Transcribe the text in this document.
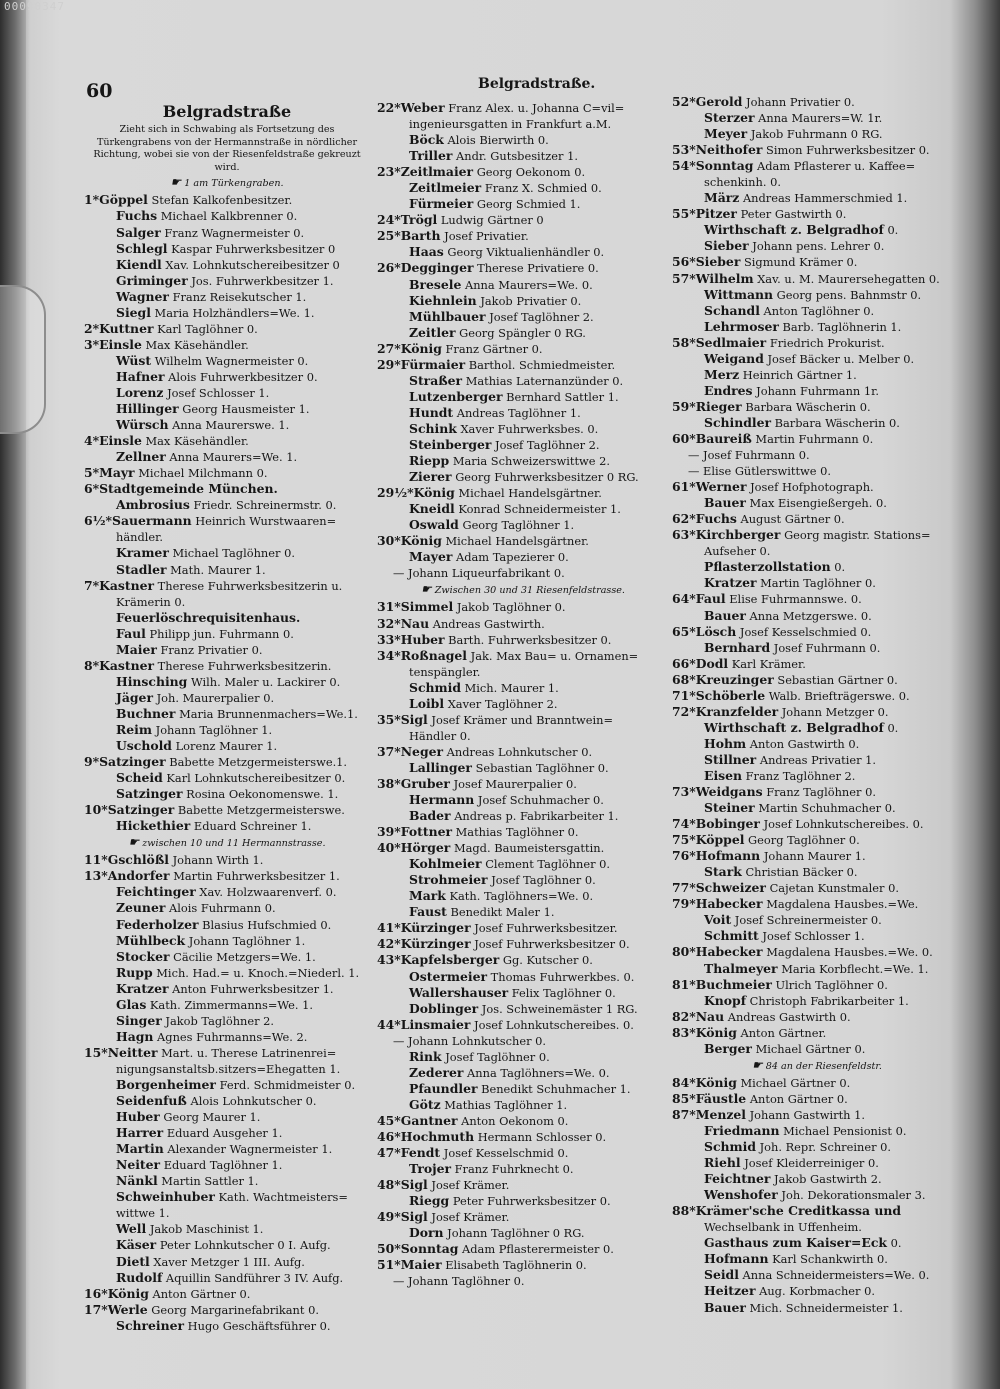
00090347
60	Belgradstraße.
Belgradstraße
Zieht sich in Schwabing als Fortsetzung des Türkengrabens von der Hermannstraße in nördlicher Richtung, wobei sie von der Riesenfeldstraße gekreuzt wird.
☛ 1 am Türkengraben.
1*Göppel Stefan Kalkofenbesitzer.
Fuchs Michael Kalkbrenner 0.
Salger Franz Wagnermeister 0.
Schlegl Kaspar Fuhrwerksbesitzer 0
Kiendl Xav. Lohnkutschereibesitzer 0
Griminger Jos. Fuhrwerkbesitzer 1.
Wagner Franz Reisekutscher 1.
Siegl Maria Holzhändlers=We. 1.
2*Kuttner Karl Taglöhner 0.
3*Einsle Max Käsehändler.
Wüst Wilhelm Wagnermeister 0.
Hafner Alois Fuhrwerkbesitzer 0.
Lorenz Josef Schlosser 1.
Hillinger Georg Hausmeister 1.
Würsch Anna Maurerswe. 1.
4*Einsle Max Käsehändler.
Zellner Anna Maurers=We. 1.
5*Mayr Michael Milchmann 0.
6*Stadtgemeinde München.
Ambrosius Friedr. Schreinermstr. 0.
6½*Sauermann Heinrich Wurstwaaren=
händler.
Kramer Michael Taglöhner 0.
Stadler Math. Maurer 1.
7*Kastner Therese Fuhrwerksbesitzerin u.
Krämerin 0.
Feuerlöschrequisitenhaus.
Faul Philipp jun. Fuhrmann 0.
Maier Franz Privatier 0.
8*Kastner Therese Fuhrwerksbesitzerin.
Hinsching Wilh. Maler u. Lackirer 0.
Jäger Joh. Maurerpalier 0.
Buchner Maria Brunnenmachers=We.1.
Reim Johann Taglöhner 1.
Uschold Lorenz Maurer 1.
9*Satzinger Babette Metzgermeisterswe.1.
Scheid Karl Lohnkutschereibesitzer 0.
Satzinger Rosina Oekonomenswe. 1.
10*Satzinger Babette Metzgermeisterswe.
Hickethier Eduard Schreiner 1.
☛ zwischen 10 und 11 Hermannstrasse.
11*Gschlößl Johann Wirth 1.
13*Andorfer Martin Fuhrwerksbesitzer 1.
Feichtinger Xav. Holzwaarenverf. 0.
Zeuner Alois Fuhrmann 0.
Federholzer Blasius Hufschmied 0.
Mühlbeck Johann Taglöhner 1.
Stocker Cäcilie Metzgers=We. 1.
Rupp Mich. Had.= u. Knoch.=Niederl. 1.
Kratzer Anton Fuhrwerksbesitzer 1.
Glas Kath. Zimmermanns=We. 1.
Singer Jakob Taglöhner 2.
Hagn Agnes Fuhrmanns=We. 2.
15*Neitter Mart. u. Therese Latrinenrei=
nigungsanstaltsb.sitzers=Ehegatten 1.
Borgenheimer Ferd. Schmidmeister 0.
Seidenfuß Alois Lohnkutscher 0.
Huber Georg Maurer 1.
Harrer Eduard Ausgeher 1.
Martin Alexander Wagnermeister 1.
Neiter Eduard Taglöhner 1.
Nänkl Martin Sattler 1.
Schweinhuber Kath. Wachtmeisters=
wittwe 1.
Well Jakob Maschinist 1.
Käser Peter Lohnkutscher 0 I. Aufg.
Dietl Xaver Metzger 1 III. Aufg.
Rudolf Aquillin Sandführer 3 IV. Aufg.
16*König Anton Gärtner 0.
17*Werle Georg Margarinefabrikant 0.
Schreiner Hugo Geschäftsführer 0.
22*Weber Franz Alex. u. Johanna C=vil=
ingenieursgatten in Frankfurt a.M.
Böck Alois Bierwirth 0.
Triller Andr. Gutsbesitzer 1.
23*Zeitlmaier Georg Oekonom 0.
Zeitlmeier Franz X. Schmied 0.
Fürmeier Georg Schmied 1.
24*Trögl Ludwig Gärtner 0
25*Barth Josef Privatier.
Haas Georg Viktualienhändler 0.
26*Degginger Therese Privatiere 0.
Bresele Anna Maurers=We. 0.
Kiehnlein Jakob Privatier 0.
Mühlbauer Josef Taglöhner 2.
Zeitler Georg Spängler 0 RG.
27*König Franz Gärtner 0.
29*Fürmaier Barthol. Schmiedmeister.
Straßer Mathias Laternanzünder 0.
Lutzenberger Bernhard Sattler 1.
Hundt Andreas Taglöhner 1.
Schink Xaver Fuhrwerksbes. 0.
Steinberger Josef Taglöhner 2.
Riepp Maria Schweizerswittwe 2.
Zierer Georg Fuhrwerksbesitzer 0 RG.
29½*König Michael Handelsgärtner.
Kneidl Konrad Schneidermeister 1.
Oswald Georg Taglöhner 1.
30*König Michael Handelsgärtner.
Mayer Adam Tapezierer 0.
— Johann Liqueurfabrikant 0.
☛ Zwischen 30 und 31 Riesenfeldstrasse.
31*Simmel Jakob Taglöhner 0.
32*Nau Andreas Gastwirth.
33*Huber Barth. Fuhrwerksbesitzer 0.
34*Roßnagel Jak. Max Bau= u. Ornamen=
tenspängler.
Schmid Mich. Maurer 1.
Loibl Xaver Taglöhner 2.
35*Sigl Josef Krämer und Branntwein=
Händler 0.
37*Neger Andreas Lohnkutscher 0.
Lallinger Sebastian Taglöhner 0.
38*Gruber Josef Maurerpalier 0.
Hermann Josef Schuhmacher 0.
Bader Andreas p. Fabrikarbeiter 1.
39*Fottner Mathias Taglöhner 0.
40*Hörger Magd. Baumeistersgattin.
Kohlmeier Clement Taglöhner 0.
Strohmeier Josef Taglöhner 0.
Mark Kath. Taglöhners=We. 0.
Faust Benedikt Maler 1.
41*Kürzinger Josef Fuhrwerksbesitzer.
42*Kürzinger Josef Fuhrwerksbesitzer 0.
43*Kapfelsberger Gg. Kutscher 0.
Ostermeier Thomas Fuhrwerkbes. 0.
Wallershauser Felix Taglöhner 0.
Doblinger Jos. Schweinemäster 1 RG.
44*Linsmaier Josef Lohnkutschereibes. 0.
— Johann Lohnkutscher 0.
Rink Josef Taglöhner 0.
Zederer Anna Taglöhners=We. 0.
Pfaundler Benedikt Schuhmacher 1.
Götz Mathias Taglöhner 1.
45*Gantner Anton Oekonom 0.
46*Hochmuth Hermann Schlosser 0.
47*Fendt Josef Kesselschmid 0.
Trojer Franz Fuhrknecht 0.
48*Sigl Josef Krämer.
Riegg Peter Fuhrwerksbesitzer 0.
49*Sigl Josef Krämer.
Dorn Johann Taglöhner 0 RG.
50*Sonntag Adam Pflasterermeister 0.
51*Maier Elisabeth Taglöhnerin 0.
— Johann Taglöhner 0.
52*Gerold Johann Privatier 0.
Sterzer Anna Maurers=W. 1r.
Meyer Jakob Fuhrmann 0 RG.
53*Neithofer Simon Fuhrwerksbesitzer 0.
54*Sonntag Adam Pflasterer u. Kaffee=
schenkinh. 0.
März Andreas Hammerschmied 1.
55*Pitzer Peter Gastwirth 0.
Wirthschaft z. Belgradhof 0.
Sieber Johann pens. Lehrer 0.
56*Sieber Sigmund Krämer 0.
57*Wilhelm Xav. u. M. Maurersehegatten 0.
Wittmann Georg pens. Bahnmstr 0.
Schandl Anton Taglöhner 0.
Lehrmoser Barb. Taglöhnerin 1.
58*Sedlmaier Friedrich Prokurist.
Weigand Josef Bäcker u. Melber 0.
Merz Heinrich Gärtner 1.
Endres Johann Fuhrmann 1r.
59*Rieger Barbara Wäscherin 0.
Schindler Barbara Wäscherin 0.
60*Baureiß Martin Fuhrmann 0.
— Josef Fuhrmann 0.
— Elise Gütlerswittwe 0.
61*Werner Josef Hofphotograph.
Bauer Max Eisengießergeh. 0.
62*Fuchs August Gärtner 0.
63*Kirchberger Georg magistr. Stations=
Aufseher 0.
Pflasterzollstation 0.
Kratzer Martin Taglöhner 0.
64*Faul Elise Fuhrmannswe. 0.
Bauer Anna Metzgerswe. 0.
65*Lösch Josef Kesselschmied 0.
Bernhard Josef Fuhrmann 0.
66*Dodl Karl Krämer.
68*Kreuzinger Sebastian Gärtner 0.
71*Schöberle Walb. Briefträgerswe. 0.
72*Kranzfelder Johann Metzger 0.
Wirthschaft z. Belgradhof 0.
Hohm Anton Gastwirth 0.
Stillner Andreas Privatier 1.
Eisen Franz Taglöhner 2.
73*Weidgans Franz Taglöhner 0.
Steiner Martin Schuhmacher 0.
74*Bobinger Josef Lohnkutschereibes. 0.
75*Köppel Georg Taglöhner 0.
76*Hofmann Johann Maurer 1.
Stark Christian Bäcker 0.
77*Schweizer Cajetan Kunstmaler 0.
79*Habecker Magdalena Hausbes.=We.
Voit Josef Schreinermeister 0.
Schmitt Josef Schlosser 1.
80*Habecker Magdalena Hausbes.=We. 0.
Thalmeyer Maria Korbflecht.=We. 1.
81*Buchmeier Ulrich Taglöhner 0.
Knopf Christoph Fabrikarbeiter 1.
82*Nau Andreas Gastwirth 0.
83*König Anton Gärtner.
Berger Michael Gärtner 0.
☛ 84 an der Riesenfeldstr.
84*König Michael Gärtner 0.
85*Fäustle Anton Gärtner 0.
87*Menzel Johann Gastwirth 1.
Friedmann Michael Pensionist 0.
Schmid Joh. Repr. Schreiner 0.
Riehl Josef Kleiderreiniger 0.
Feichtner Jakob Gastwirth 2.
Wenshofer Joh. Dekorationsmaler 3.
88*Krämer'sche Creditkassa und
Wechselbank in Uffenheim.
Gasthaus zum Kaiser=Eck 0.
Hofmann Karl Schankwirth 0.
Seidl Anna Schneidermeisters=We. 0.
Heitzer Aug. Korbmacher 0.
Bauer Mich. Schneidermeister 1.
